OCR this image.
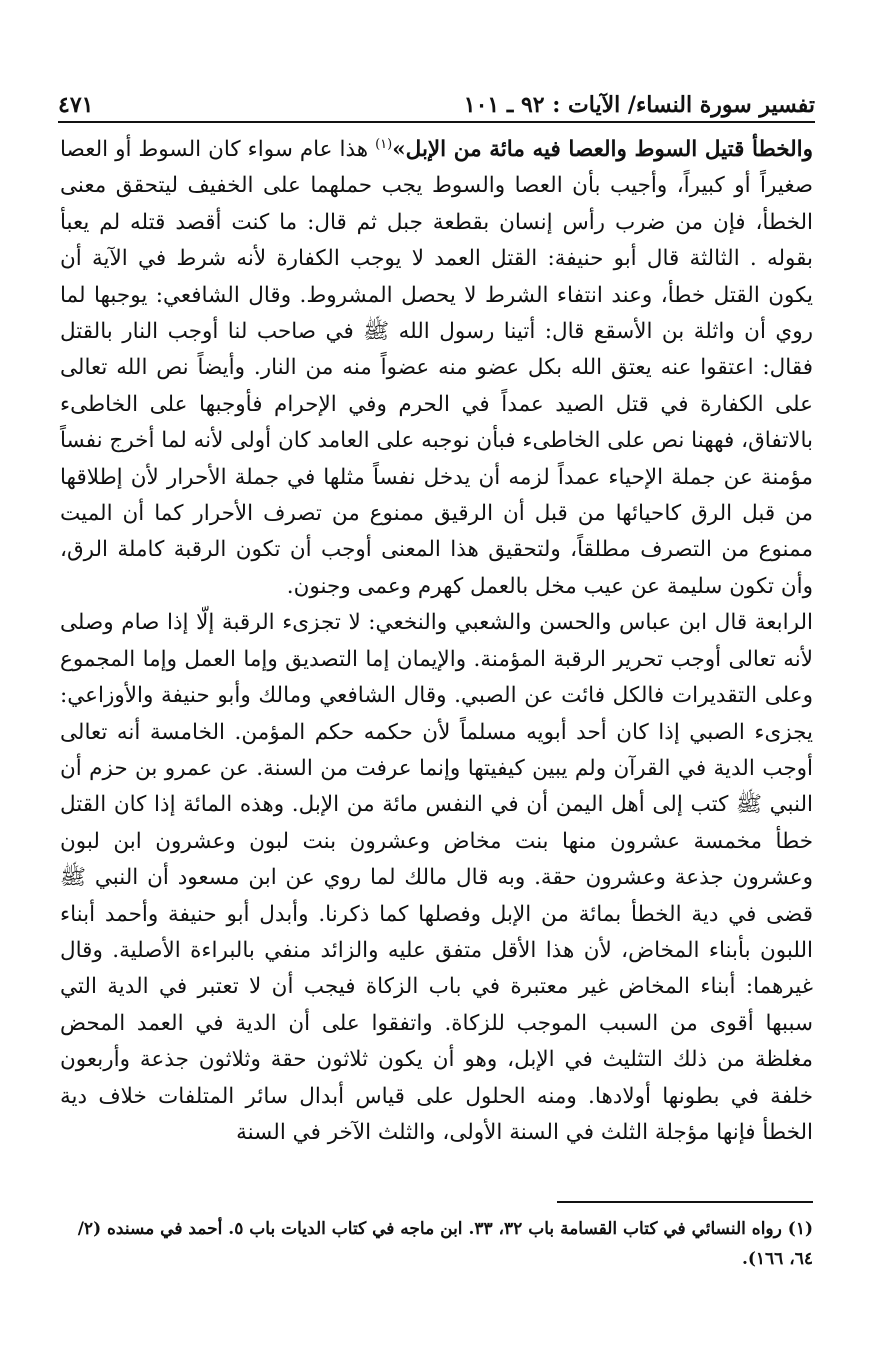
تفسير سورة النساء/ الآيات : ٩٢ ـ ١٠١
٤٧١

والخطأ قتيل السوط والعصا فيه مائة من الإبل»$^{(١)}$ هذا عام سواء كان السوط أو العصا صغيراً أو كبيراً، وأجيب بأن العصا والسوط يجب حملهما على الخفيف ليتحقق معنى الخطأ، فإن من ضرب رأس إنسان بقطعة جبل ثم قال: ما كنت أقصد قتله لم يعبأ بقوله . الثالثة قال أبو حنيفة: القتل العمد لا يوجب الكفارة لأنه شرط في الآية أن يكون القتل خطأ، وعند انتفاء الشرط لا يحصل المشروط. وقال الشافعي: يوجبها لما روي أن واثلة بن الأسقع قال: أتينا رسول الله ﷺ في صاحب لنا أوجب النار بالقتل فقال: اعتقوا عنه يعتق الله بكل عضو منه عضواً منه من النار. وأيضاً نص الله تعالى على الكفارة في قتل الصيد عمداً في الحرم وفي الإحرام فأوجبها على الخاطىء بالاتفاق، فههنا نص على الخاطىء فبأن نوجبه على العامد كان أولى لأنه لما أخرج نفساً مؤمنة عن جملة الإحياء عمداً لزمه أن يدخل نفساً مثلها في جملة الأحرار لأن إطلاقها من قبل الرق كاحيائها من قبل أن الرقيق ممنوع من تصرف الأحرار كما أن الميت ممنوع من التصرف مطلقاً، ولتحقيق هذا المعنى أوجب أن تكون الرقبة كاملة الرق، وأن تكون سليمة عن عيب مخل بالعمل كهرم وعمى وجنون.

الرابعة قال ابن عباس والحسن والشعبي والنخعي: لا تجزىء الرقبة إلّا إذا صام وصلى لأنه تعالى أوجب تحرير الرقبة المؤمنة. والإيمان إما التصديق وإما العمل وإما المجموع وعلى التقديرات فالكل فائت عن الصبي. وقال الشافعي ومالك وأبو حنيفة والأوزاعي: يجزىء الصبي إذا كان أحد أبويه مسلماً لأن حكمه حكم المؤمن. الخامسة أنه تعالى أوجب الدية في القرآن ولم يبين كيفيتها وإنما عرفت من السنة. عن عمرو بن حزم أن النبي ﷺ كتب إلى أهل اليمن أن في النفس مائة من الإبل. وهذه المائة إذا كان القتل خطأ مخمسة عشرون منها بنت مخاض وعشرون بنت لبون وعشرون ابن لبون وعشرون جذعة وعشرون حقة. وبه قال مالك لما روي عن ابن مسعود أن النبي ﷺ قضى في دية الخطأ بمائة من الإبل وفصلها كما ذكرنا. وأبدل أبو حنيفة وأحمد أبناء اللبون بأبناء المخاض، لأن هذا الأقل متفق عليه والزائد منفي بالبراءة الأصلية. وقال غيرهما: أبناء المخاض غير معتبرة في باب الزكاة فيجب أن لا تعتبر في الدية التي سببها أقوى من السبب الموجب للزكاة. واتفقوا على أن الدية في العمد المحض مغلظة من ذلك التثليث في الإبل، وهو أن يكون ثلاثون حقة وثلاثون جذعة وأربعون خلفة في بطونها أولادها. ومنه الحلول على قياس أبدال سائر المتلفات خلاف دية الخطأ فإنها مؤجلة الثلث في السنة الأولى، والثلث الآخر في السنة

(١) رواه النسائي في كتاب القسامة باب ٣٢، ٣٣. ابن ماجه في كتاب الديات باب ٥. أحمد في مسنده (٢/ ٦٤، ١٦٦).
